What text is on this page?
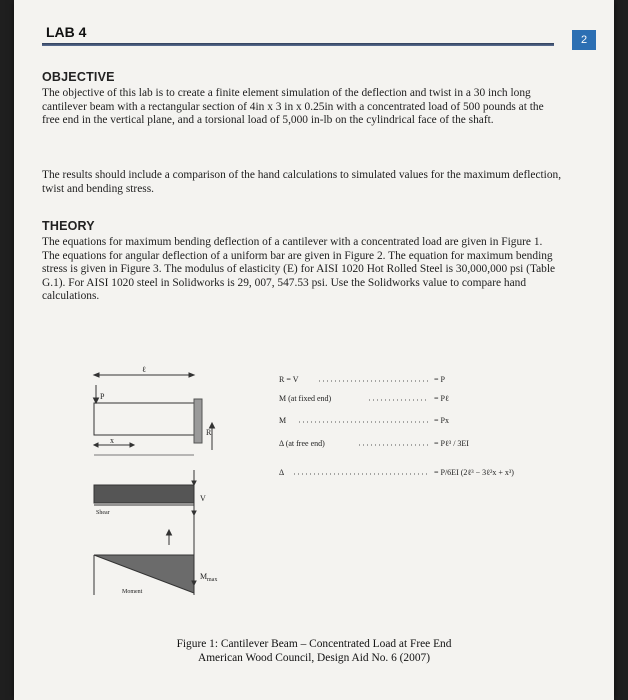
LAB 4	2
OBJECTIVE
The objective of this lab is to create a finite element simulation of the deflection and twist in a 30 inch long cantilever beam with a rectangular section of 4in x 3 in x 0.25in with a concentrated load of 500 pounds at the free end in the vertical plane, and a torsional load of 5,000 in-lb on the cylindrical face of the shaft.
The results should include a comparison of the hand calculations to simulated values for the maximum deflection, twist and bending stress.
THEORY
The equations for maximum bending deflection of a cantilever with a concentrated load are given in Figure 1. The equations for angular deflection of a uniform bar are given in Figure 2. The equation for maximum bending stress is given in Figure 3. The modulus of elasticity (E) for AISI 1020 Hot Rolled Steel is 30,000,000 psi (Table G.1). For AISI 1020 steel in Solidworks is 29, 007, 547.53 psi. Use the Solidworks value to compare hand calculations.
P
ℓ
R
x
Shear
Moment
V
M max
R = V	= P
M (at fixed end)	= Pℓ
M	= Px
Δ (at free end)	= Pℓ³ / 3EI
Δ	= P/6EI (2ℓ³ − 3ℓ²x + x³)
Figure 1: Cantilever Beam – Concentrated Load at Free End
American Wood Council, Design Aid No. 6 (2007)
